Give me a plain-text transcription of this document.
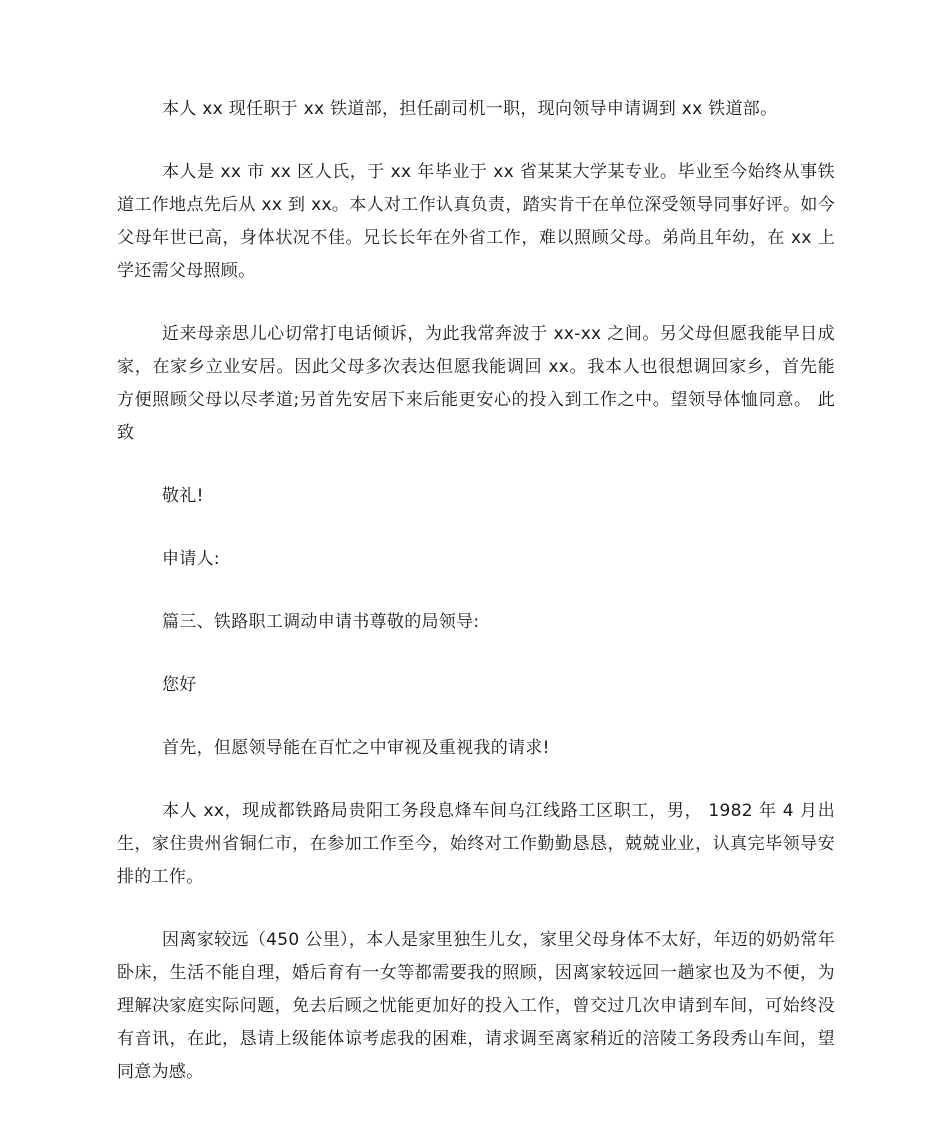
本人 xx 现任职于 xx 铁道部，担任副司机一职，现向领导申请调到 xx 铁道部。

本人是 xx 市 xx 区人氏，于 xx 年毕业于 xx 省某某大学某专业。毕业至今始终从事铁道工作地点先后从 xx 到 xx。本人对工作认真负责，踏实肯干在单位深受领导同事好评。如今父母年世已高，身体状况不佳。兄长长年在外省工作，难以照顾父母。弟尚且年幼，在 xx 上学还需父母照顾。

近来母亲思儿心切常打电话倾诉，为此我常奔波于 xx-xx 之间。另父母但愿我能早日成家，在家乡立业安居。因此父母多次表达但愿我能调回 xx。我本人也很想调回家乡，首先能方便照顾父母以尽孝道;另首先安居下来后能更安心的投入到工作之中。望领导体恤同意。 此致

敬礼!

申请人:

篇三、铁路职工调动申请书尊敬的局领导:

您好

首先，但愿领导能在百忙之中审视及重视我的请求!

本人 xx，现成都铁路局贵阳工务段息烽车间乌江线路工区职工，男， 1982 年 4 月出生，家住贵州省铜仁市，在参加工作至今，始终对工作勤勤恳恳，兢兢业业，认真完毕领导安排的工作。

因离家较远（450 公里），本人是家里独生儿女，家里父母身体不太好，年迈的奶奶常年卧床，生活不能自理，婚后育有一女等都需要我的照顾，因离家较远回一趟家也及为不便，为理解决家庭实际问题，免去后顾之忧能更加好的投入工作，曾交过几次申请到车间，可始终没有音讯，在此，恳请上级能体谅考虑我的困难，请求调至离家稍近的涪陵工务段秀山车间，望同意为感。
